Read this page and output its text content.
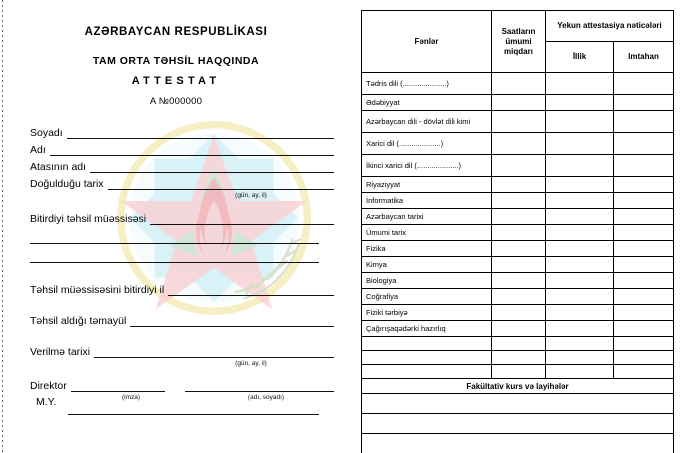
AZƏRBAYCAN RESPUBLİKASI
TAM ORTA TƏHSİL HAQQINDA
ATTESTAT
A №000000
Soyadı
Adı
Atasının adı
Doğulduğu tarix
(gün, ay, il)
Bitirdiyi təhsil müəssisəsi
Təhsil müəssisəsini bitirdiyi il
Təhsil aldığı təmayül
Verilmə tarixi
(gün, ay, il)
Direktor
(imza)	(adı, soyadı)
M.Y.
Fənlər	Saatların ümumi miqdarı	Yekun attestasiya nəticələri	
		İllik	Imtahan
Tədris dili (.....................)			
Ədəbiyyat			
Azərbaycan dili - dövlət dili kimi			
Xarici dil (....................)			
İkinci xarici dil (....................)			
Riyaziyyat			
İnformatika			
Azərbaycan tarixi			
Ümumi tarix			
Fizika			
Kimya			
Biologiya			
Coğrafiya			
Fiziki tərbiyə			
Çağırışaqədərki hazırlıq			

Fakültativ kurs və layihələr			
